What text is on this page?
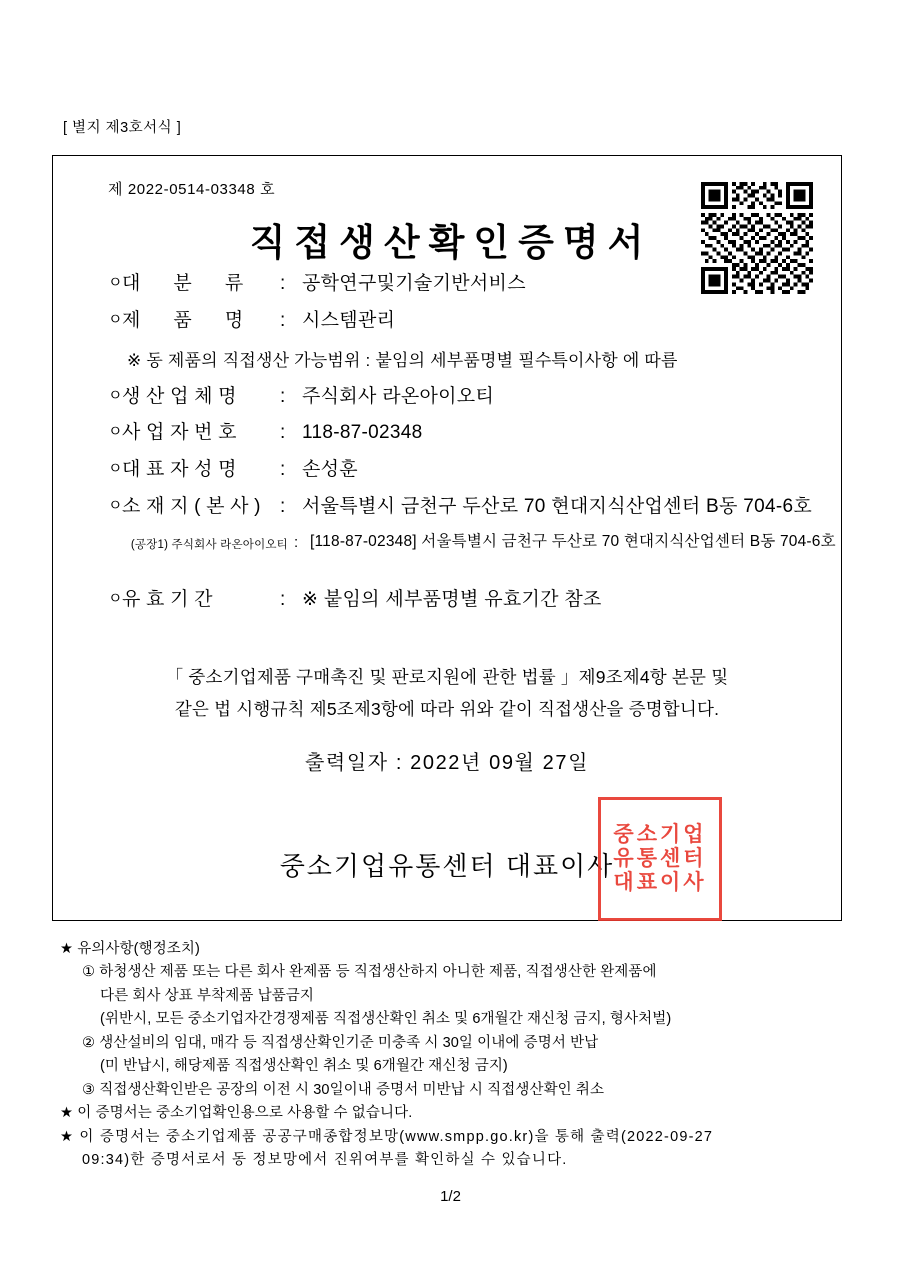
[ 별지 제3호서식 ]
제 2022-0514-03348 호
직접생산확인증명서
ㅇ 대      분      류	: 공학연구및기술기반서비스
ㅇ 제      품      명	: 시스템관리
※ 동 제품의 직접생산 가능범위 : 붙임의 세부품명별 필수특이사항 에 따름
ㅇ 생 산 업 체 명	: 주식회사 라온아이오티
ㅇ 사 업 자 번 호	: 118-87-02348
ㅇ 대 표 자 성 명	: 손성훈
ㅇ 소 재 지 ( 본 사 )	: 서울특별시 금천구 두산로 70 현대지식산업센터 B동 704-6호
(공장1) 주식회사 라온아이오티 : [118-87-02348] 서울특별시 금천구 두산로 70 현대지식산업센터 B동 704-6호
ㅇ 유 효 기 간	: ※ 붙임의 세부품명별 유효기간 참조
「 중소기업제품 구매촉진 및 판로지원에 관한 법률 」제9조제4항 본문 및
같은 법 시행규칙 제5조제3항에 따라 위와 같이 직접생산을 증명합니다.
출력일자 : 2022년 09월 27일
중소기업유통센터 대표이사
중소기업
유통센터
대표이사
★ 유의사항(행정조치)
① 하청생산 제품 또는 다른 회사 완제품 등 직접생산하지 아니한 제품, 직접생산한 완제품에
다른 회사 상표 부착제품 납품금지
(위반시, 모든 중소기업자간경쟁제품 직접생산확인 취소 및 6개월간 재신청 금지, 형사처벌)
② 생산설비의 임대, 매각 등 직접생산확인기준 미충족 시 30일 이내에 증명서 반납
(미 반납시, 해당제품 직접생산확인 취소 및 6개월간 재신청 금지)
③ 직접생산확인받은 공장의 이전 시 30일이내 증명서 미반납 시 직접생산확인 취소
★ 이 증명서는 중소기업확인용으로 사용할 수 없습니다.
★ 이 증명서는 중소기업제품 공공구매종합정보망(www.smpp.go.kr)을 통해 출력(2022-09-27
09:34)한 증명서로서 동 정보망에서 진위여부를 확인하실 수 있습니다.
1/2
